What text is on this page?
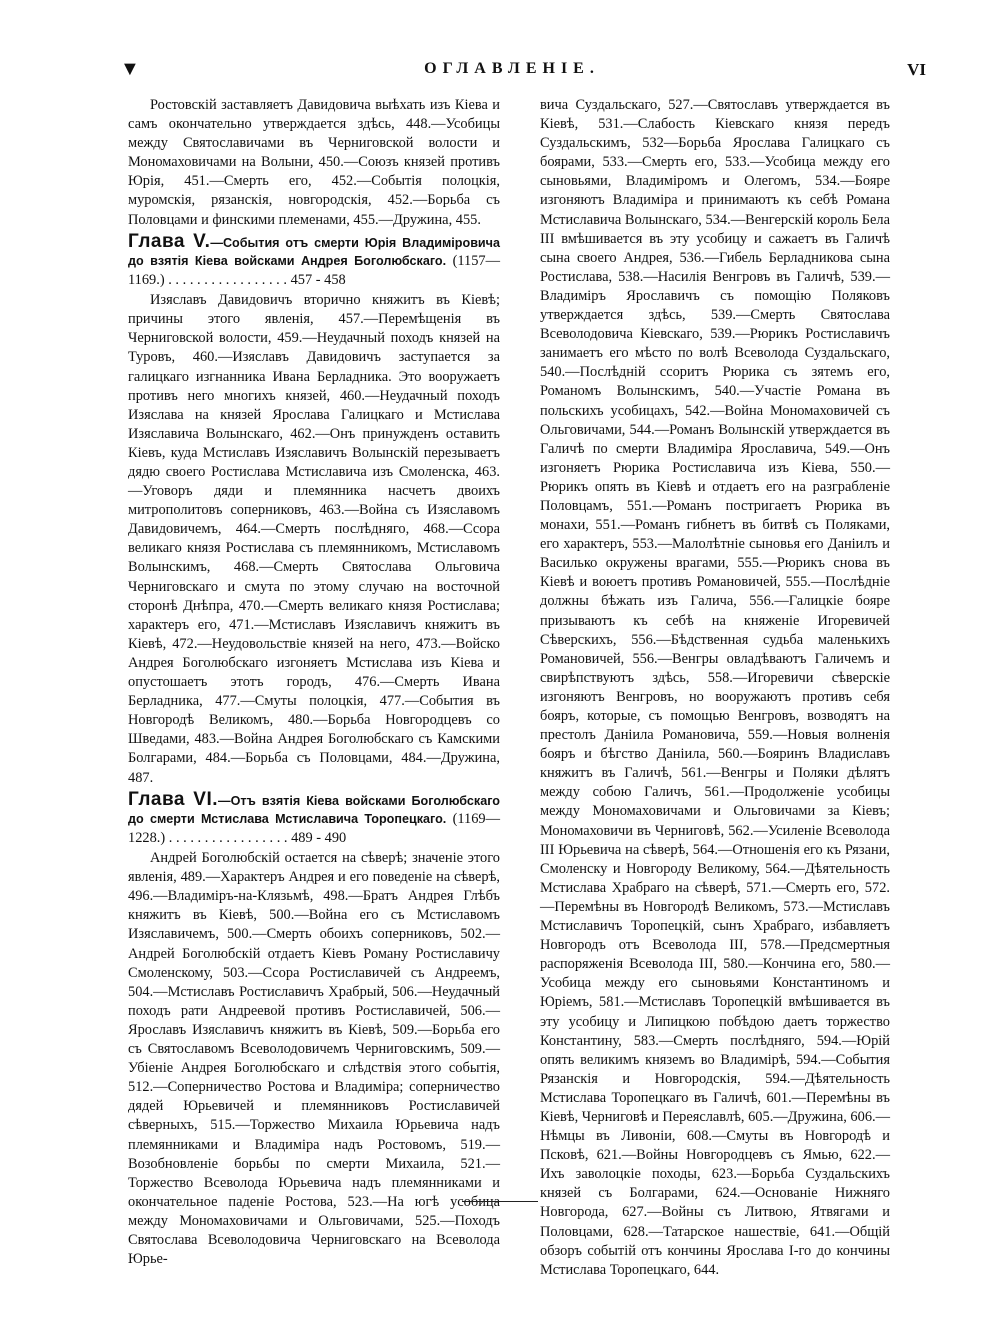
▼	ОГЛАВЛЕНІЕ.	VI

Ростовскій заставляетъ Давидовича выѣхать изъ Кіева и самъ окончательно утверждается здѣсь, 448.—Усобицы между Святославичами въ Черниговской волости и Мономаховичами на Волыни, 450.—Союзъ князей противъ Юрія, 451.—Смерть его, 452.—Событія полоцкія, муромскія, рязанскія, новгородскія, 452.—Борьба съ Половцами и финскими племенами, 455.—Дружина, 455.

Глава V.—События отъ смерти Юрія Владиміровича до взятія Кіева войсками Андрея Боголюбскаго. (1157—1169.) . . . . . . . . . . . . . . . . . 457 - 458

Изяславъ Давидовичъ вторично княжитъ въ Кіевѣ; причины этого явленія, 457.—Перемѣщенія въ Черниговской волости, 459.—Неудачный походъ князей на Туровъ, 460.—Изяславъ Давидовичъ заступается за галицкаго изгнанника Ивана Берладника. Это вооружаетъ противъ него многихъ князей, 460.—Неудачный походъ Изяслава на князей Ярослава Галицкаго и Мстислава Изяславича Волынскаго, 462.—Онъ принужденъ оставить Кіевъ, куда Мстиславъ Изяславичъ Волынскій перезываетъ дядю своего Ростислава Мстиславича изъ Смоленска, 463.—Уговоръ дяди и племянника насчетъ двоихъ митрополитовъ соперниковъ, 463.—Война съ Изяславомъ Давидовичемъ, 464.—Смерть послѣдняго, 468.—Ссора великаго князя Ростислава съ племянникомъ, Мстиславомъ Волынскимъ, 468.—Смерть Святослава Ольговича Черниговскаго и смута по этому случаю на восточной сторонѣ Днѣпра, 470.—Смерть великаго князя Ростислава; характеръ его, 471.—Мстиславъ Изяславичъ княжитъ въ Кіевѣ, 472.—Неудовольствіе князей на него, 473.—Войско Андрея Боголюбскаго изгоняетъ Мстислава изъ Кіева и опустошаетъ этотъ городъ, 476.—Смерть Ивана Берладника, 477.—Смуты полоцкія, 477.—События въ Новгородѣ Великомъ, 480.—Борьба Новгородцевъ со Шведами, 483.—Война Андрея Боголюбскаго съ Камскими Болгарами, 484.—Борьба съ Половцами, 484.—Дружина, 487.

Глава VI.—Отъ взятія Кіева войсками Боголюбскаго до смерти Мстислава Мстиславича Торопецкаго. (1169—1228.) . . . . . . . . . . . . . . . . . 489 - 490

Андрей Боголюбскій остается на сѣверѣ; значеніе этого явленія, 489.—Характеръ Андрея и его поведеніе на сѣверѣ, 496.—Владиміръ-на-Клязьмѣ, 498.—Братъ Андрея Глѣбъ княжитъ въ Кіевѣ, 500.—Война его съ Мстиславомъ Изяславичемъ, 500.—Смерть обоихъ соперниковъ, 502.—Андрей Боголюбскій отдаетъ Кіевъ Роману Ростиславичу Смоленскому, 503.—Ссора Ростиславичей съ Андреемъ, 504.—Мстиславъ Ростиславичъ Храбрый, 506.—Неудачный походъ рати Андреевой противъ Ростиславичей, 506.—Ярославъ Изяславичъ княжитъ въ Кіевѣ, 509.—Борьба его съ Святославомъ Всеволодовичемъ Черниговскимъ, 509.—Убіеніе Андрея Боголюбскаго и слѣдствія этого событія, 512.—Соперничество Ростова и Владиміра; соперничество дядей Юрьевичей и племянниковъ Ростиславичей сѣверныхъ, 515.—Торжество Михаила Юрьевича надъ племянниками и Владиміра надъ Ростовомъ, 519.—Возобновленіе борьбы по смерти Михаила, 521.—Торжество Всеволода Юрьевича надъ племянниками и окончательное паденіе Ростова, 523.—На югѣ усобица между Мономаховичами и Ольговичами, 525.—Походъ Святослава Всеволодовича Черниговскаго на Всеволода Юрье-

вича Суздальскаго, 527.—Святославъ утверждается въ Кіевѣ, 531.—Слабость Кіевскаго князя передъ Суздальскимъ, 532—Борьба Ярослава Галицкаго съ боярами, 533.—Смерть его, 533.—Усобица между его сыновьями, Владиміромъ и Олегомъ, 534.—Бояре изгоняютъ Владиміра и принимаютъ къ себѣ Романа Мстиславича Волынскаго, 534.—Венгерскій король Бела III вмѣшивается въ эту усобицу и сажаетъ въ Галичѣ сына своего Андрея, 536.—Гибель Берладникова сына Ростислава, 538.—Насилія Венгровъ въ Галичѣ, 539.—Владиміръ Ярославичъ съ помощію Поляковъ утверждается здѣсь, 539.—Смерть Святослава Всеволодовича Кіевскаго, 539.—Рюрикъ Ростиславичъ занимаетъ его мѣсто по волѣ Всеволода Суздальскаго, 540.—Послѣдній ссоритъ Рюрика съ зятемъ его, Романомъ Волынскимъ, 540.—Участіе Романа въ польскихъ усобицахъ, 542.—Война Мономаховичей съ Ольговичами, 544.—Романъ Волынскій утверждается въ Галичѣ по смерти Владиміра Ярославича, 549.—Онъ изгоняетъ Рюрика Ростиславича изъ Кіева, 550.—Рюрикъ опять въ Кіевѣ и отдаетъ его на разграбленіе Половцамъ, 551.—Романъ постригаетъ Рюрика въ монахи, 551.—Романъ гибнетъ въ битвѣ съ Поляками, его характеръ, 553.—Малолѣтніе сыновья его Даніилъ и Василько окружены врагами, 555.—Рюрикъ снова въ Кіевѣ и воюетъ противъ Романовичей, 555.—Послѣдніе должны бѣжать изъ Галича, 556.—Галицкіе бояре призываютъ къ себѣ на княженіе Игоревичей Сѣверскихъ, 556.—Бѣдственная судьба маленькихъ Романовичей, 556.—Венгры овладѣваютъ Галичемъ и свирѣпствуютъ здѣсь, 558.—Игоревичи сѣверскіе изгоняютъ Венгровъ, но вооружаютъ противъ себя бояръ, которые, съ помощью Венгровъ, возводятъ на престолъ Даніила Романовича, 559.—Новыя волненія бояръ и бѣгство Даніила, 560.—Бояринъ Владиславъ княжитъ въ Галичѣ, 561.—Венгры и Поляки дѣлятъ между собою Галичъ, 561.—Продолженіе усобицы между Мономаховичами и Ольговичами за Кіевъ; Мономаховичи въ Черниговѣ, 562.—Усиленіе Всеволода III Юрьевича на сѣверѣ, 564.—Отношенія его къ Рязани, Смоленску и Новгороду Великому, 564.—Дѣятельность Мстислава Храбраго на сѣверѣ, 571.—Смерть его, 572.—Перемѣны въ Новгородѣ Великомъ, 573.—Мстиславъ Мстиславичъ Торопецкій, сынъ Храбраго, избавляетъ Новгородъ отъ Всеволода III, 578.—Предсмертныя распоряженія Всеволода III, 580.—Кончина его, 580.—Усобица между его сыновьями Константиномъ и Юріемъ, 581.—Мстиславъ Торопецкій вмѣшивается въ эту усобицу и Липицкою побѣдою даетъ торжество Константину, 583.—Смерть послѣдняго, 594.—Юрій опять великимъ княземъ во Владимірѣ, 594.—События Рязанскія и Новгородскія, 594.—Дѣятельность Мстислава Торопецкаго въ Галичѣ, 601.—Перемѣны въ Кіевѣ, Черниговѣ и Переяславлѣ, 605.—Дружина, 606.—Нѣмцы въ Ливоніи, 608.—Смуты въ Новгородѣ и Псковѣ, 621.—Войны Новгородцевъ съ Ямью, 622.—Ихъ заволоцкіе походы, 623.—Борьба Суздальскихъ князей съ Болгарами, 624.—Основаніе Нижняго Новгорода, 627.—Войны съ Литвою, Ятвягами и Половцами, 628.—Татарское нашествіе, 641.—Общій обзоръ событій отъ кончины Ярослава I-го до кончины Мстислава Торопецкаго, 644.
